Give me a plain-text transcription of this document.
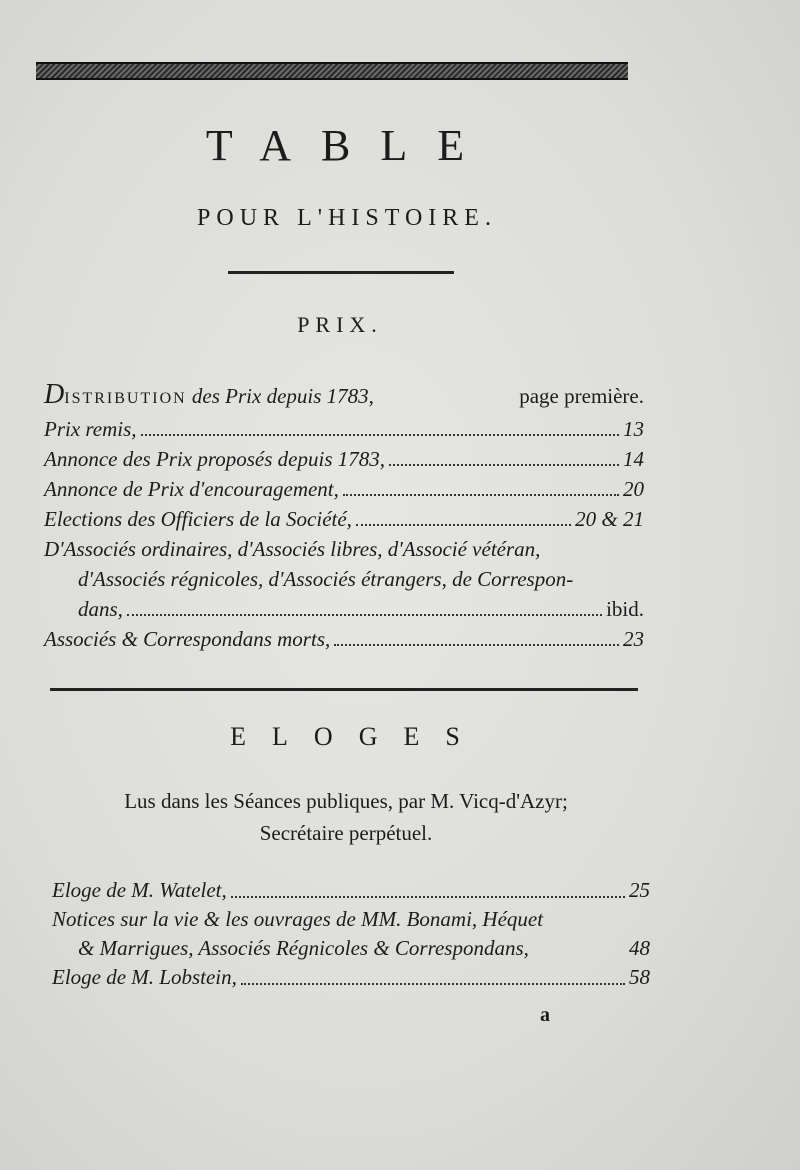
TABLE
POUR L'HISTOIRE.
PRIX.
DISTRIBUTION des Prix depuis 1783,	page première.
Prix remis,	13
Annonce des Prix proposés depuis 1783,	14
Annonce de Prix d'encouragement,	20
Elections des Officiers de la Société,	20 & 21
D'Associés ordinaires, d'Associés libres, d'Associé vétéran,
d'Associés régnicoles, d'Associés étrangers, de Correspon-
dans,	ibid.
Associés & Correspondans morts,	23
ELOGES
Lus dans les Séances publiques, par M. Vicq-d'Azyr;
Secrétaire perpétuel.
Eloge de M. Watelet,	25
Notices sur la vie & les ouvrages de MM. Bonami, Héquet
& Marrigues, Associés Régnicoles & Correspondans,	48
Eloge de M. Lobstein,	58
a
